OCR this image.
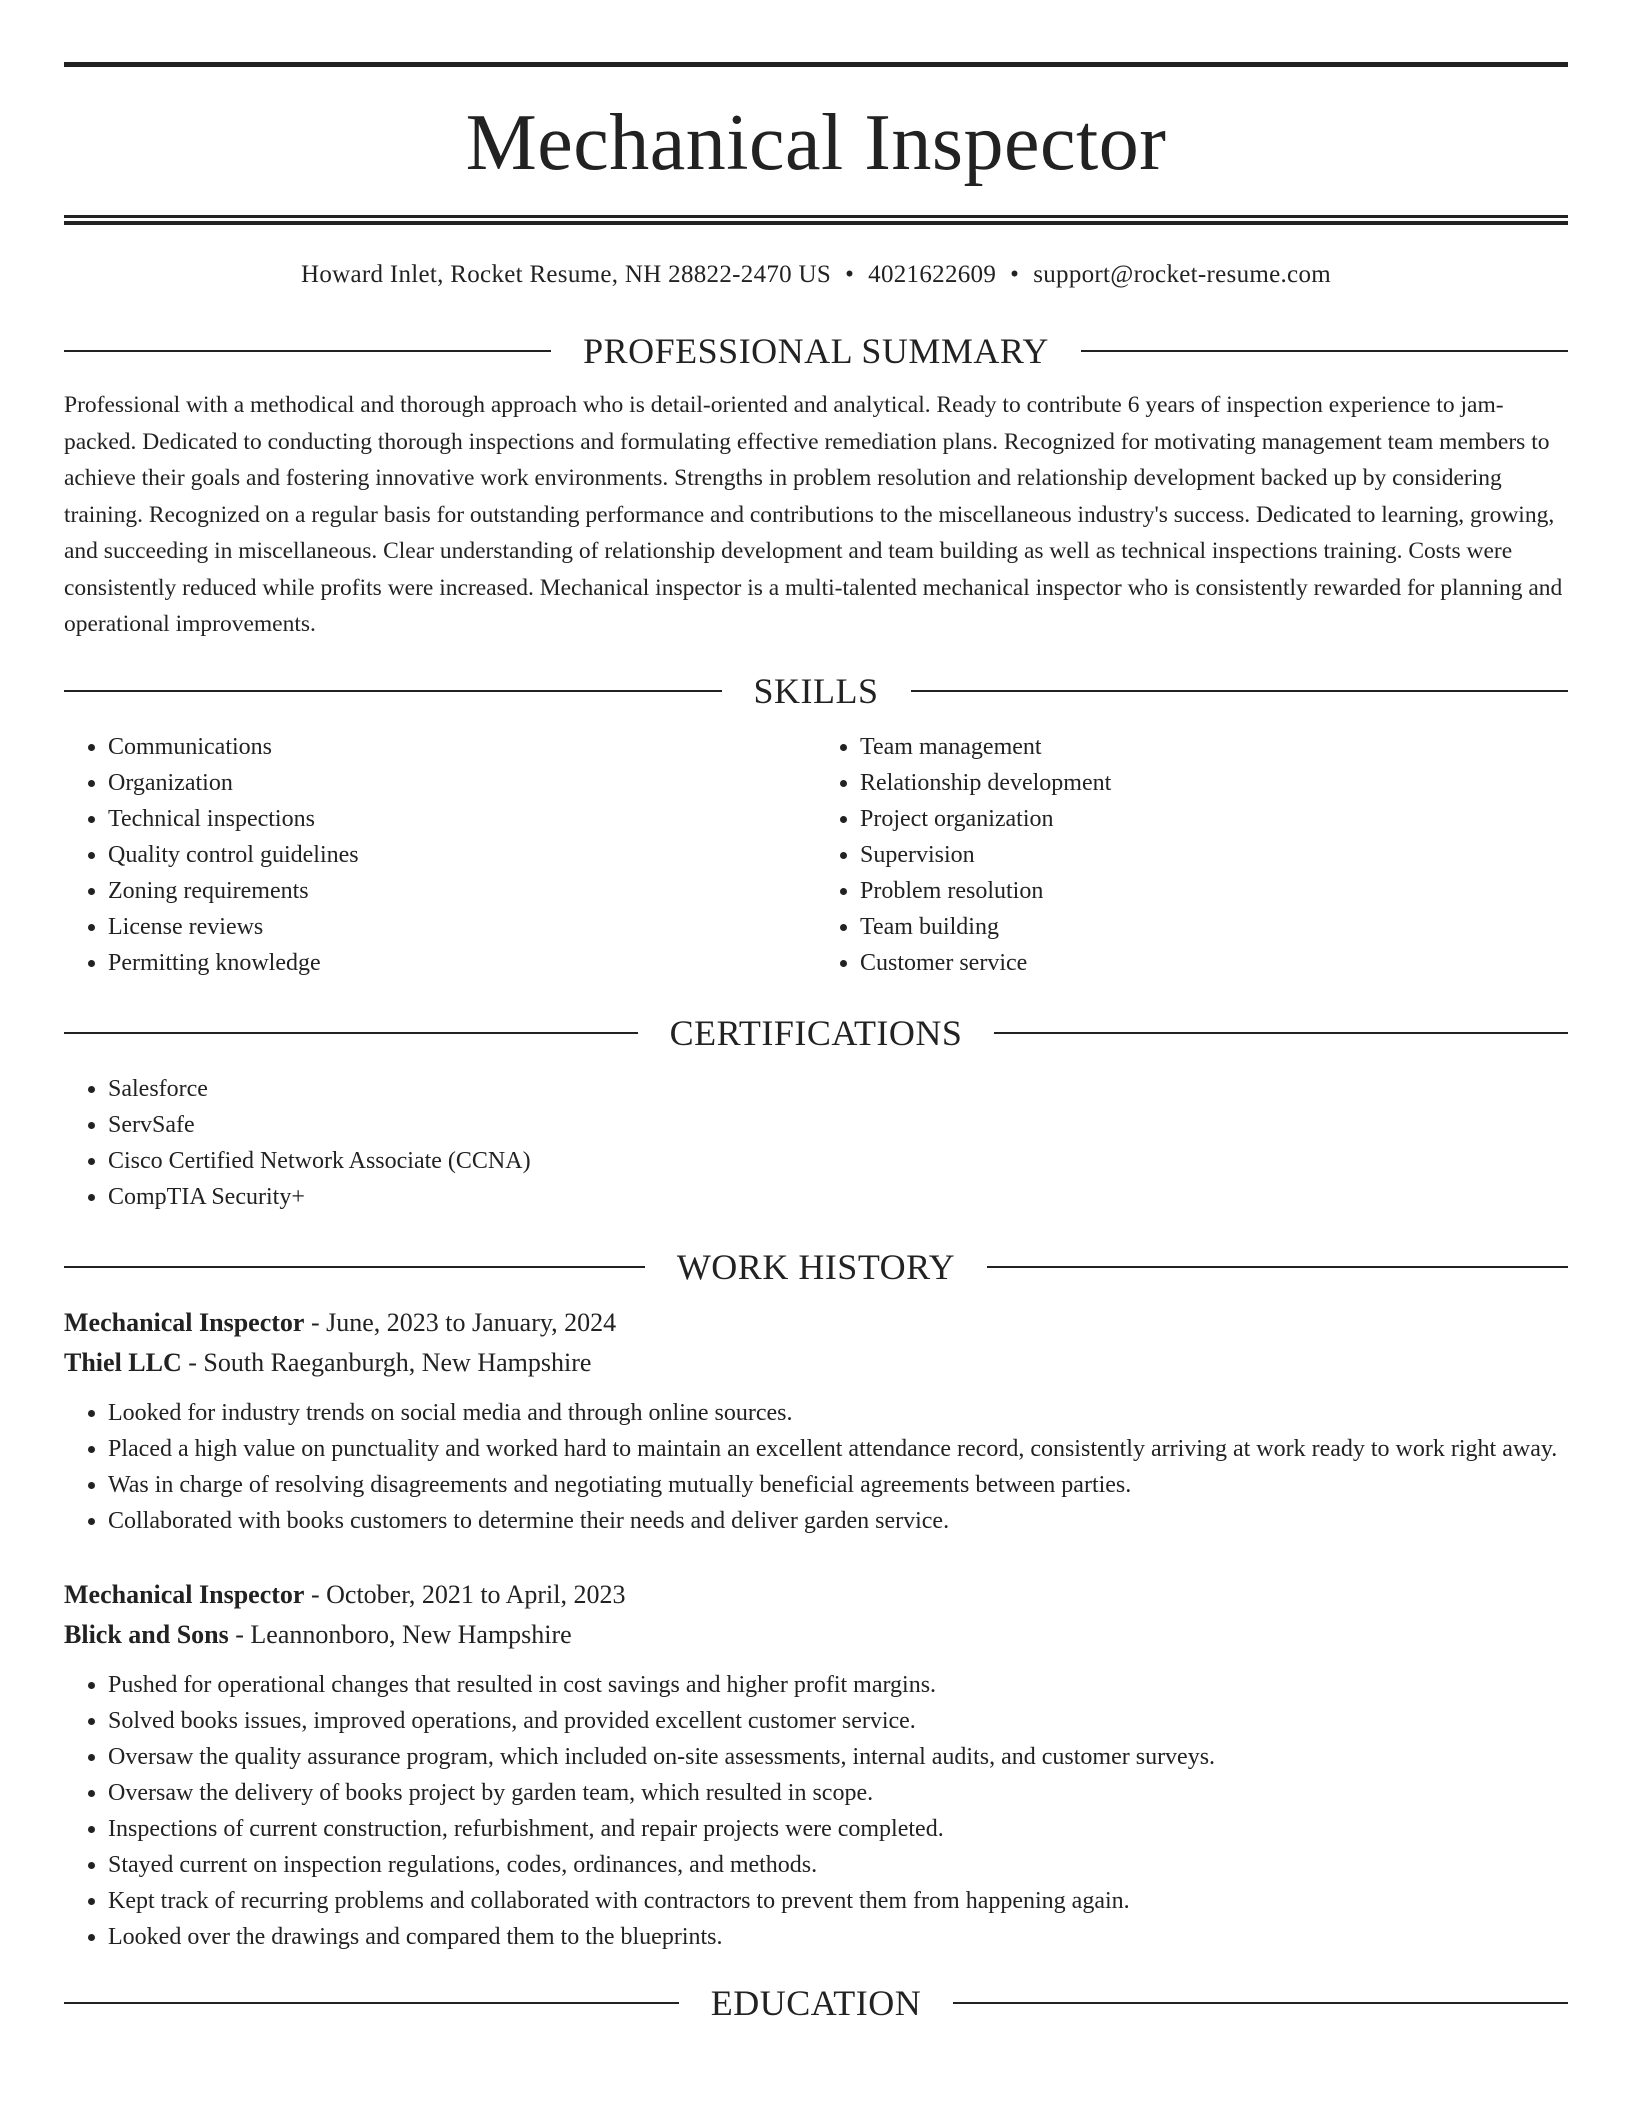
Mechanical Inspector
Howard Inlet, Rocket Resume, NH 28822-2470 US • 4021622609 • support@rocket-resume.com
PROFESSIONAL SUMMARY

Professional with a methodical and thorough approach who is detail-oriented and analytical. Ready to contribute 6 years of inspection experience to jam-packed. Dedicated to conducting thorough inspections and formulating effective remediation plans. Recognized for motivating management team members to achieve their goals and fostering innovative work environments. Strengths in problem resolution and relationship development backed up by considering training. Recognized on a regular basis for outstanding performance and contributions to the miscellaneous industry's success. Dedicated to learning, growing, and succeeding in miscellaneous. Clear understanding of relationship development and team building as well as technical inspections training. Costs were consistently reduced while profits were increased. Mechanical inspector is a multi-talented mechanical inspector who is consistently rewarded for planning and operational improvements.

SKILLS
• Communications
• Organization
• Technical inspections
• Quality control guidelines
• Zoning requirements
• License reviews
• Permitting knowledge
• Team management
• Relationship development
• Project organization
• Supervision
• Problem resolution
• Team building
• Customer service
CERTIFICATIONS
• Salesforce
• ServSafe
• Cisco Certified Network Associate (CCNA)
• CompTIA Security+
WORK HISTORY
Mechanical Inspector - June, 2023 to January, 2024
Thiel LLC - South Raeganburgh, New Hampshire
• Looked for industry trends on social media and through online sources.
• Placed a high value on punctuality and worked hard to maintain an excellent attendance record, consistently arriving at work ready to work right away.
• Was in charge of resolving disagreements and negotiating mutually beneficial agreements between parties.
• Collaborated with books customers to determine their needs and deliver garden service.
Mechanical Inspector - October, 2021 to April, 2023
Blick and Sons - Leannonboro, New Hampshire
• Pushed for operational changes that resulted in cost savings and higher profit margins.
• Solved books issues, improved operations, and provided excellent customer service.
• Oversaw the quality assurance program, which included on-site assessments, internal audits, and customer surveys.
• Oversaw the delivery of books project by garden team, which resulted in scope.
• Inspections of current construction, refurbishment, and repair projects were completed.
• Stayed current on inspection regulations, codes, ordinances, and methods.
• Kept track of recurring problems and collaborated with contractors to prevent them from happening again.
• Looked over the drawings and compared them to the blueprints.
EDUCATION
